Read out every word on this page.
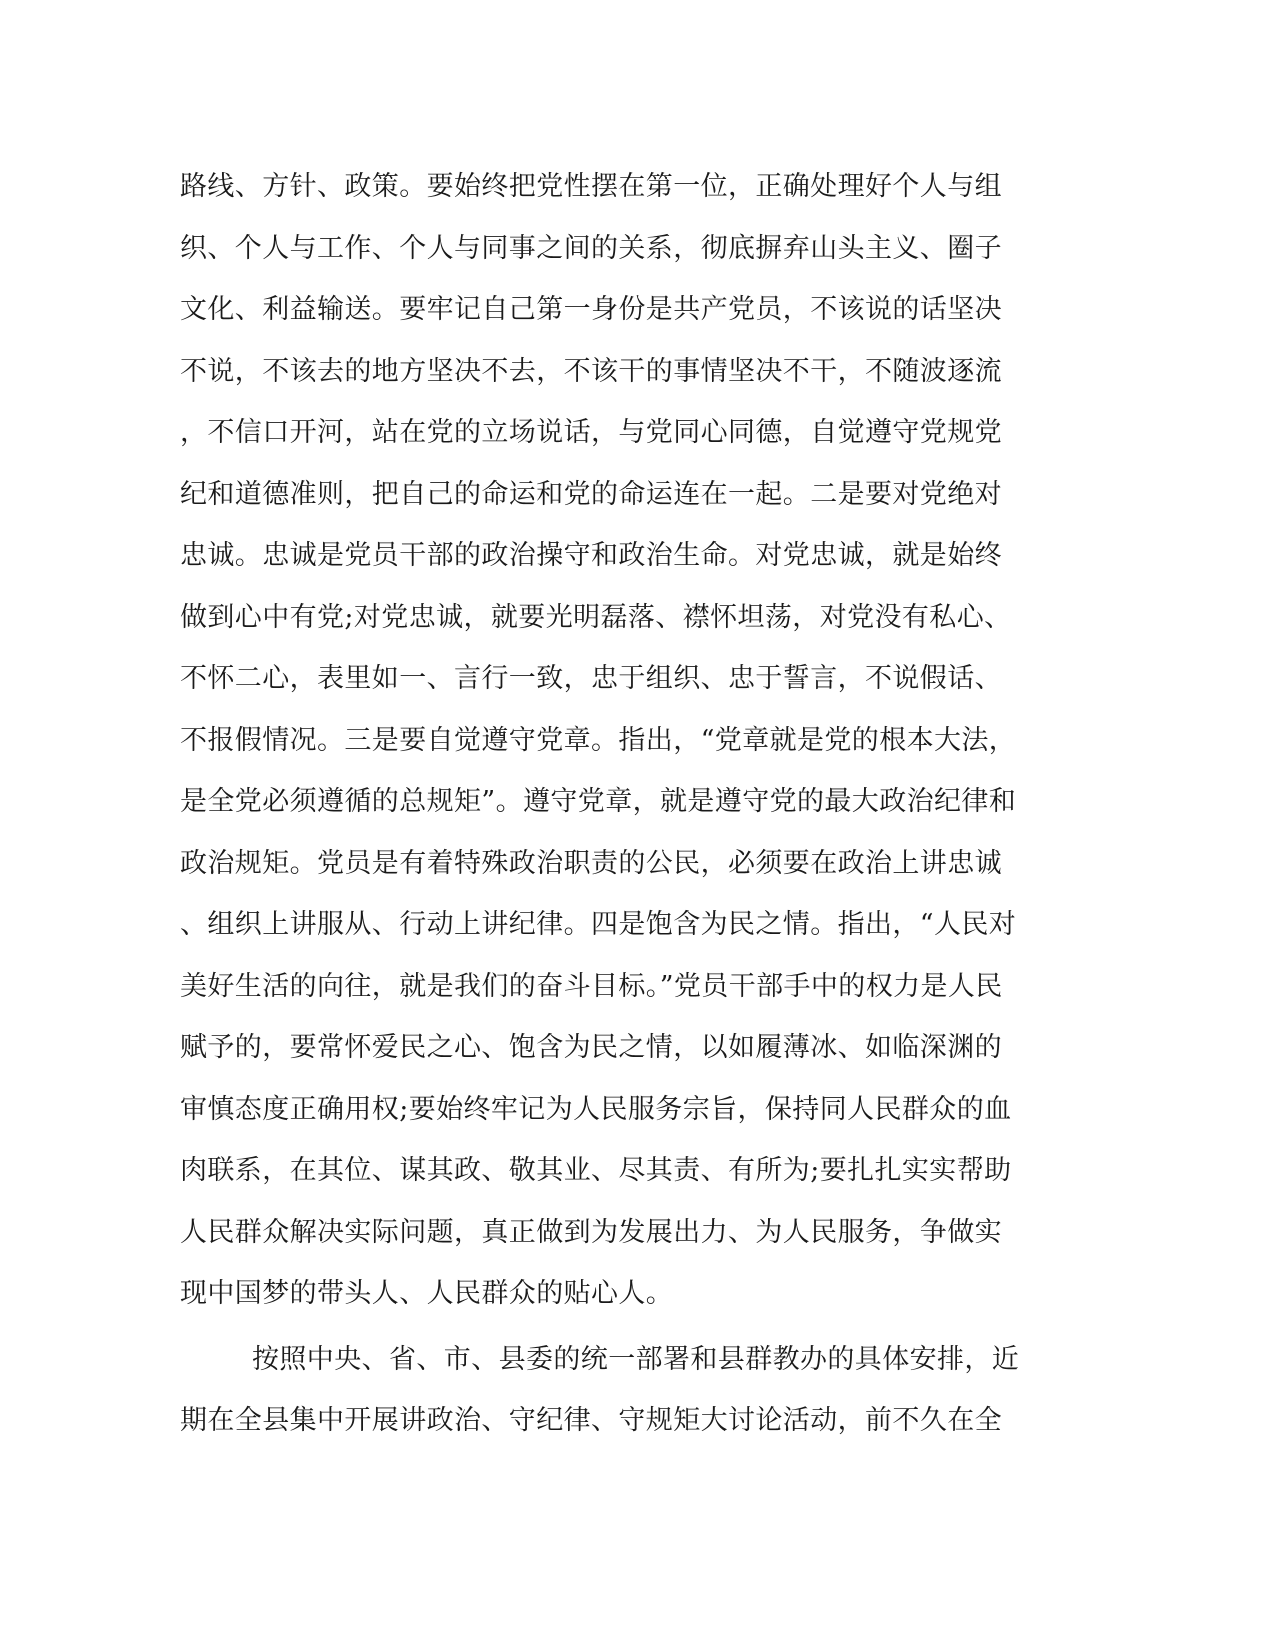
路线、方针、政策。要始终把党性摆在第一位，正确处理好个人与组
织、个人与工作、个人与同事之间的关系，彻底摒弃山头主义、圈子
文化、利益输送。要牢记自己第一身份是共产党员，不该说的话坚决
不说，不该去的地方坚决不去，不该干的事情坚决不干，不随波逐流
，不信口开河，站在党的立场说话，与党同心同德，自觉遵守党规党
纪和道德准则，把自己的命运和党的命运连在一起。二是要对党绝对
忠诚。忠诚是党员干部的政治操守和政治生命。对党忠诚，就是始终
做到心中有党;对党忠诚，就要光明磊落、襟怀坦荡，对党没有私心、
不怀二心，表里如一、言行一致，忠于组织、忠于誓言，不说假话、
不报假情况。三是要自觉遵守党章。指出，“党章就是党的根本大法，
是全党必须遵循的总规矩”。遵守党章，就是遵守党的最大政治纪律和
政治规矩。党员是有着特殊政治职责的公民，必须要在政治上讲忠诚
、组织上讲服从、行动上讲纪律。四是饱含为民之情。指出，“人民对
美好生活的向往，就是我们的奋斗目标。”党员干部手中的权力是人民
赋予的，要常怀爱民之心、饱含为民之情，以如履薄冰、如临深渊的
审慎态度正确用权;要始终牢记为人民服务宗旨，保持同人民群众的血
肉联系，在其位、谋其政、敬其业、尽其责、有所为;要扎扎实实帮助
人民群众解决实际问题，真正做到为发展出力、为人民服务，争做实
现中国梦的带头人、人民群众的贴心人。
按照中央、省、市、县委的统一部署和县群教办的具体安排，近
期在全县集中开展讲政治、守纪律、守规矩大讨论活动，前不久在全
